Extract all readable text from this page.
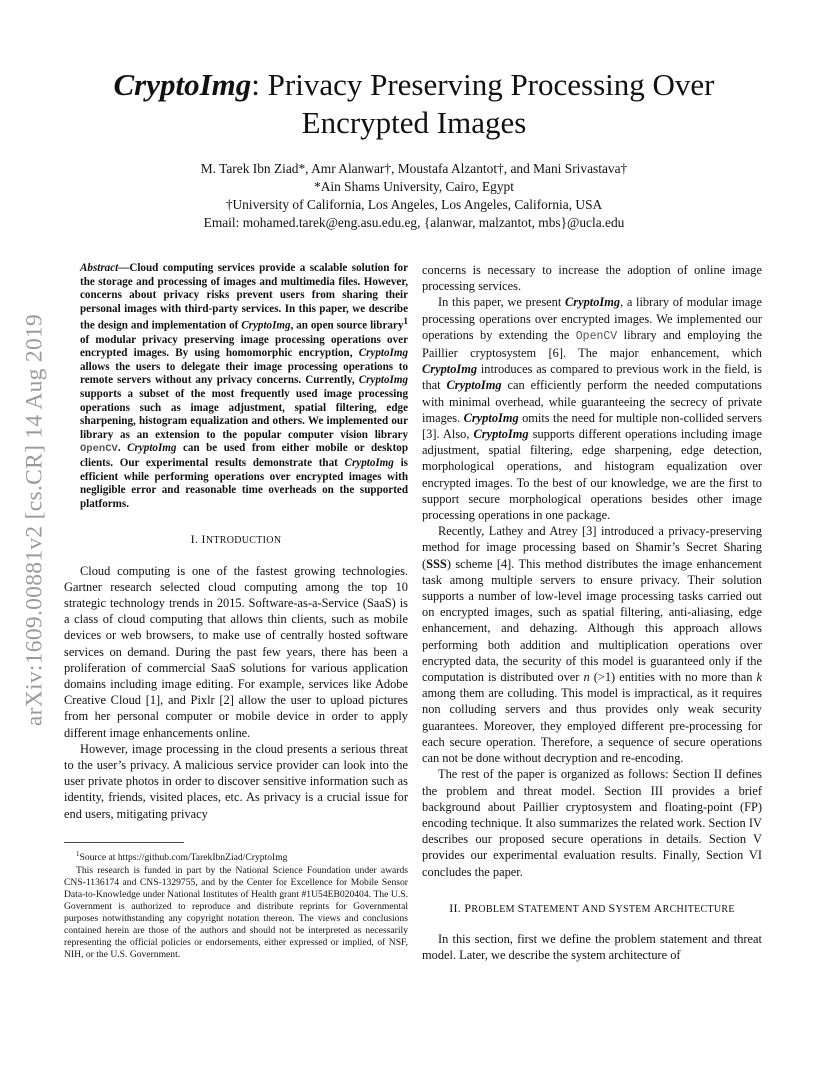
arXiv:1609.00881v2 [cs.CR] 14 Aug 2019
CryptoImg: Privacy Preserving Processing Over
Encrypted Images
M. Tarek Ibn Ziad*, Amr Alanwar†, Moustafa Alzantot†, and Mani Srivastava†
*Ain Shams University, Cairo, Egypt
†University of California, Los Angeles, Los Angeles, California, USA
Email: mohamed.tarek@eng.asu.edu.eg, {alanwar, malzantot, mbs}@ucla.edu

Abstract—Cloud computing services provide a scalable solution for the storage and processing of images and multimedia files. However, concerns about privacy risks prevent users from sharing their personal images with third-party services. In this paper, we describe the design and implementation of CryptoImg, an open source library$^1$ of modular privacy preserving image processing operations over encrypted images. By using homomorphic encryption, CryptoImg allows the users to delegate their image processing operations to remote servers without any privacy concerns. Currently, CryptoImg supports a subset of the most frequently used image processing operations such as image adjustment, spatial filtering, edge sharpening, histogram equalization and others. We implemented our library as an extension to the popular computer vision library OpenCV. CryptoImg can be used from either mobile or desktop clients. Our experimental results demonstrate that CryptoImg is efficient while performing operations over encrypted images with negligible error and reasonable time overheads on the supported platforms.

I. INTRODUCTION

Cloud computing is one of the fastest growing technologies. Gartner research selected cloud computing among the top 10 strategic technology trends in 2015. Software-as-a-Service (SaaS) is a class of cloud computing that allows thin clients, such as mobile devices or web browsers, to make use of centrally hosted software services on demand. During the past few years, there has been a proliferation of commercial SaaS solutions for various application domains including image editing. For example, services like Adobe Creative Cloud [1], and Pixlr [2] allow the user to upload pictures from her personal computer or mobile device in order to apply different image enhancements online.

However, image processing in the cloud presents a serious threat to the user’s privacy. A malicious service provider can look into the user private photos in order to discover sensitive information such as identity, friends, visited places, etc. As privacy is a crucial issue for end users, mitigating privacy

$^1$Source at https://github.com/TarekIbnZiad/CryptoImg

This research is funded in part by the National Science Foundation under awards CNS-1136174 and CNS-1329755, and by the Center for Excellence for Mobile Sensor Data-to-Knowledge under National Institutes of Health grant #1U54EB020404. The U.S. Government is authorized to reproduce and distribute reprints for Governmental purposes notwithstanding any copyright notation thereon. The views and conclusions contained herein are those of the authors and should not be interpreted as necessarily representing the official policies or endorsements, either expressed or implied, of NSF, NIH, or the U.S. Government.

concerns is necessary to increase the adoption of online image processing services.

In this paper, we present CryptoImg, a library of modular image processing operations over encrypted images. We implemented our operations by extending the OpenCV library and employing the Paillier cryptosystem [6]. The major enhancement, which CryptoImg introduces as compared to previous work in the field, is that CryptoImg can efficiently perform the needed computations with minimal overhead, while guaranteeing the secrecy of private images. CryptoImg omits the need for multiple non-collided servers [3]. Also, CryptoImg supports different operations including image adjustment, spatial filtering, edge sharpening, edge detection, morphological operations, and histogram equalization over encrypted images. To the best of our knowledge, we are the first to support secure morphological operations besides other image processing operations in one package.

Recently, Lathey and Atrey [3] introduced a privacy-preserving method for image processing based on Shamir’s Secret Sharing (SSS) scheme [4]. This method distributes the image enhancement task among multiple servers to ensure privacy. Their solution supports a number of low-level image processing tasks carried out on encrypted images, such as spatial filtering, anti-aliasing, edge enhancement, and dehazing. Although this approach allows performing both addition and multiplication operations over encrypted data, the security of this model is guaranteed only if the computation is distributed over n (>1) entities with no more than k among them are colluding. This model is impractical, as it requires non colluding servers and thus provides only weak security guarantees. Moreover, they employed different pre-processing for each secure operation. Therefore, a sequence of secure operations can not be done without decryption and re-encoding.

The rest of the paper is organized as follows: Section II defines the problem and threat model. Section III provides a brief background about Paillier cryptosystem and floating-point (FP) encoding technique. It also summarizes the related work. Section IV describes our proposed secure operations in details. Section V provides our experimental evaluation results. Finally, Section VI concludes the paper.

II. PROBLEM STATEMENT AND SYSTEM ARCHITECTURE

In this section, first we define the problem statement and threat model. Later, we describe the system architecture of
